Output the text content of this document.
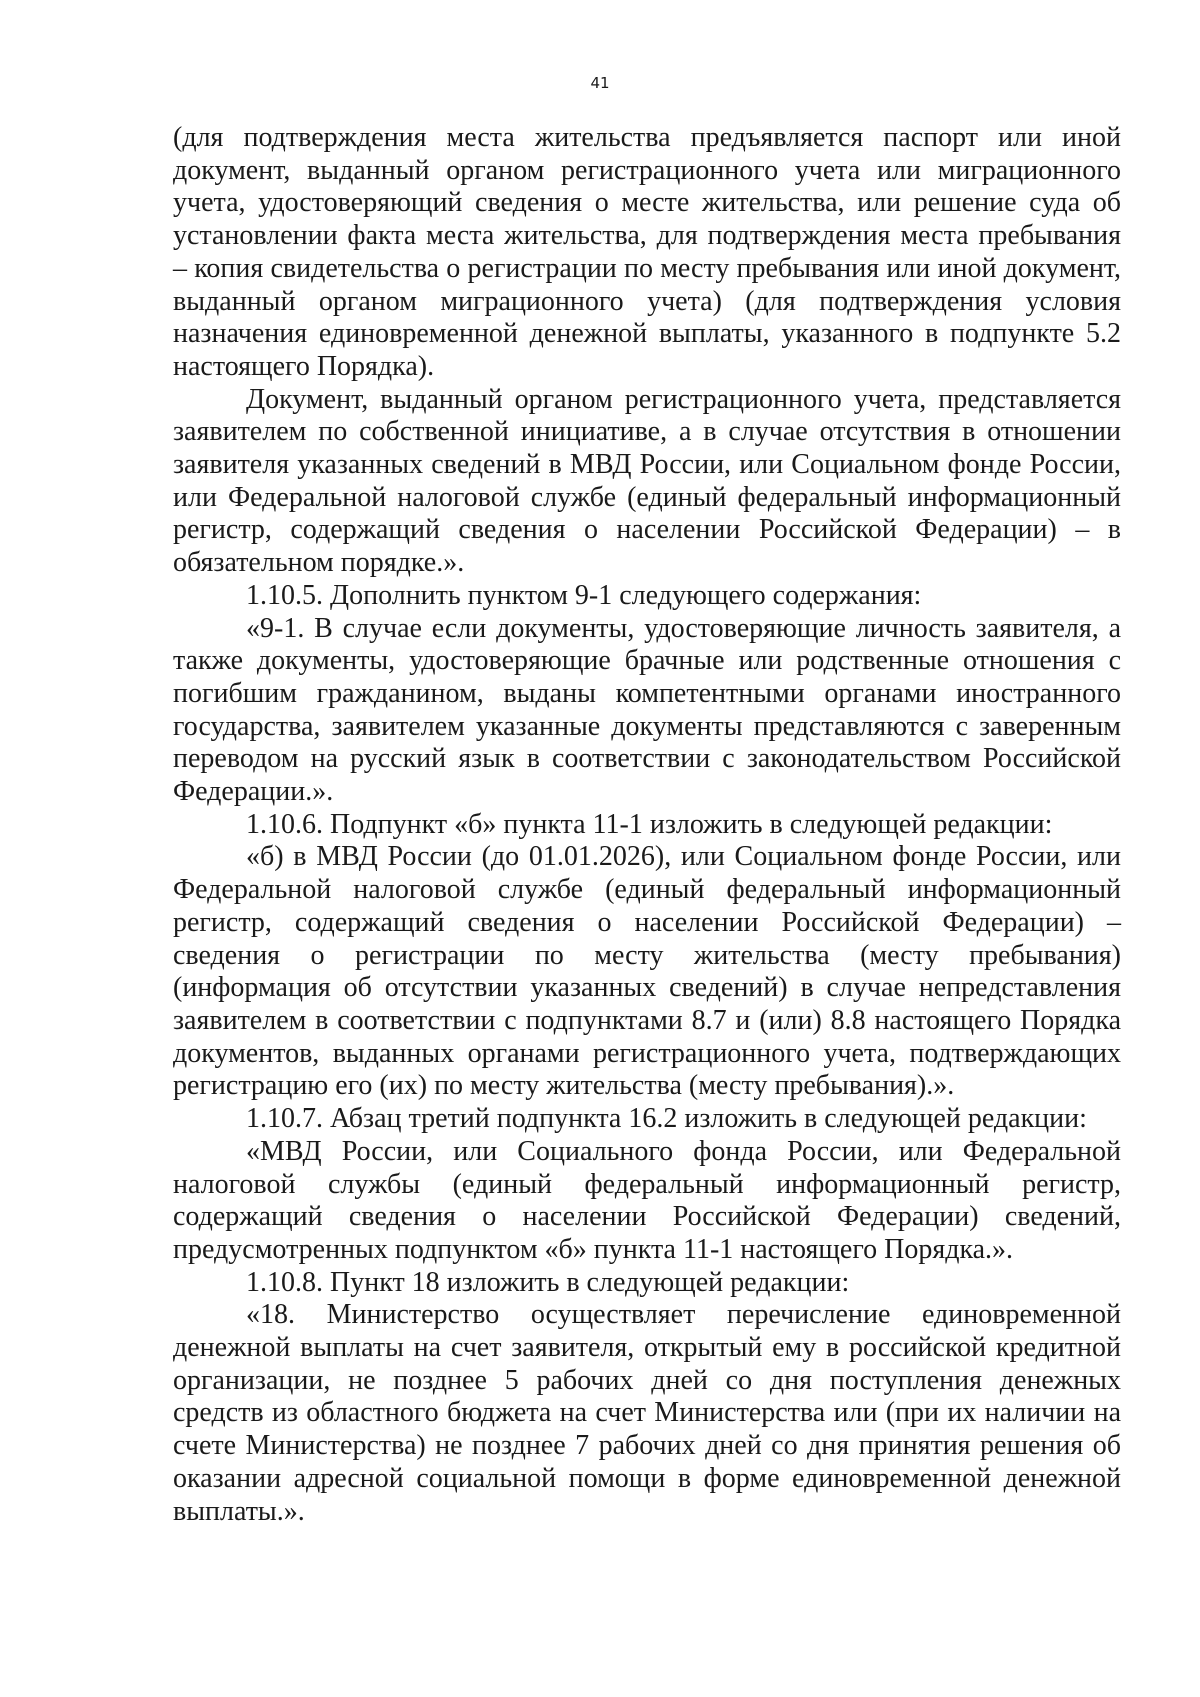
41

(для подтверждения места жительства предъявляется паспорт или иной документ, выданный органом регистрационного учета или миграционного учета, удостоверяющий сведения о месте жительства, или решение суда об установлении факта места жительства, для подтверждения места пребывания – копия свидетельства о регистрации по месту пребывания или иной документ, выданный органом миграционного учета) (для подтверждения условия назначения единовременной денежной выплаты, указанного в подпункте 5.2 настоящего Порядка).

Документ, выданный органом регистрационного учета, представляется заявителем по собственной инициативе, а в случае отсутствия в отношении заявителя указанных сведений в МВД России, или Социальном фонде России, или Федеральной налоговой службе (единый федеральный информационный регистр, содержащий сведения о населении Российской Федерации) – в обязательном порядке.».

1.10.5. Дополнить пунктом 9-1 следующего содержания:

«9-1. В случае если документы, удостоверяющие личность заявителя, а также документы, удостоверяющие брачные или родственные отношения с погибшим гражданином, выданы компетентными органами иностранного государства, заявителем указанные документы представляются с заверенным переводом на русский язык в соответствии с законодательством Российской Федерации.».

1.10.6. Подпункт «б» пункта 11-1 изложить в следующей редакции:

«б) в МВД России (до 01.01.2026), или Социальном фонде России, или Федеральной налоговой службе (единый федеральный информационный регистр, содержащий сведения о населении Российской Федерации) – сведения о регистрации по месту жительства (месту пребывания) (информация об отсутствии указанных сведений) в случае непредставления заявителем в соответствии с подпунктами 8.7 и (или) 8.8 настоящего Порядка документов, выданных органами регистрационного учета, подтверждающих регистрацию его (их) по месту жительства (месту пребывания).».

1.10.7. Абзац третий подпункта 16.2 изложить в следующей редакции:

«МВД России, или Социального фонда России, или Федеральной налоговой службы (единый федеральный информационный регистр, содержащий сведения о населении Российской Федерации) сведений, предусмотренных подпунктом «б» пункта 11-1 настоящего Порядка.».

1.10.8. Пункт 18 изложить в следующей редакции:

«18. Министерство осуществляет перечисление единовременной денежной выплаты на счет заявителя, открытый ему в российской кредитной организации, не позднее 5 рабочих дней со дня поступления денежных средств из областного бюджета на счет Министерства или (при их наличии на счете Министерства) не позднее 7 рабочих дней со дня принятия решения об оказании адресной социальной помощи в форме единовременной денежной выплаты.».
